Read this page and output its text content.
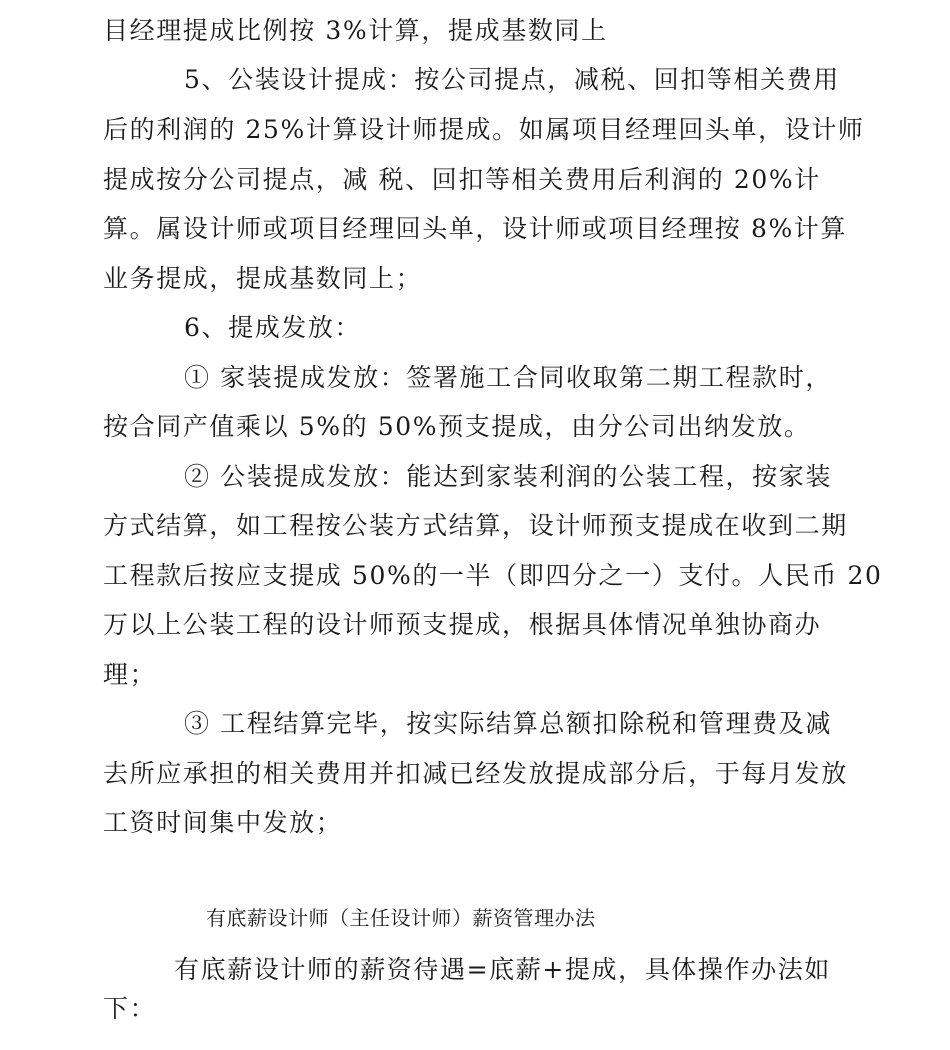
目经理提成比例按 3%计算，提成基数同上
5、公装设计提成：按公司提点，减税、回扣等相关费用
后的利润的 25%计算设计师提成。如属项目经理回头单，设计师
提成按分公司提点，减 税、回扣等相关费用后利润的 20%计
算。属设计师或项目经理回头单，设计师或项目经理按 8%计算
业务提成，提成基数同上；
6、提成发放：
① 家装提成发放：签署施工合同收取第二期工程款时，
按合同产值乘以 5%的 50%预支提成，由分公司出纳发放。
② 公装提成发放：能达到家装利润的公装工程，按家装
方式结算，如工程按公装方式结算，设计师预支提成在收到二期
工程款后按应支提成 50%的一半（即四分之一）支付。人民币 20
万以上公装工程的设计师预支提成，根据具体情况单独协商办
理；
③ 工程结算完毕，按实际结算总额扣除税和管理费及减
去所应承担的相关费用并扣减已经发放提成部分后，于每月发放
工资时间集中发放；
有底薪设计师（主任设计师）薪资管理办法
有底薪设计师的薪资待遇=底薪+提成，具体操作办法如
下：
